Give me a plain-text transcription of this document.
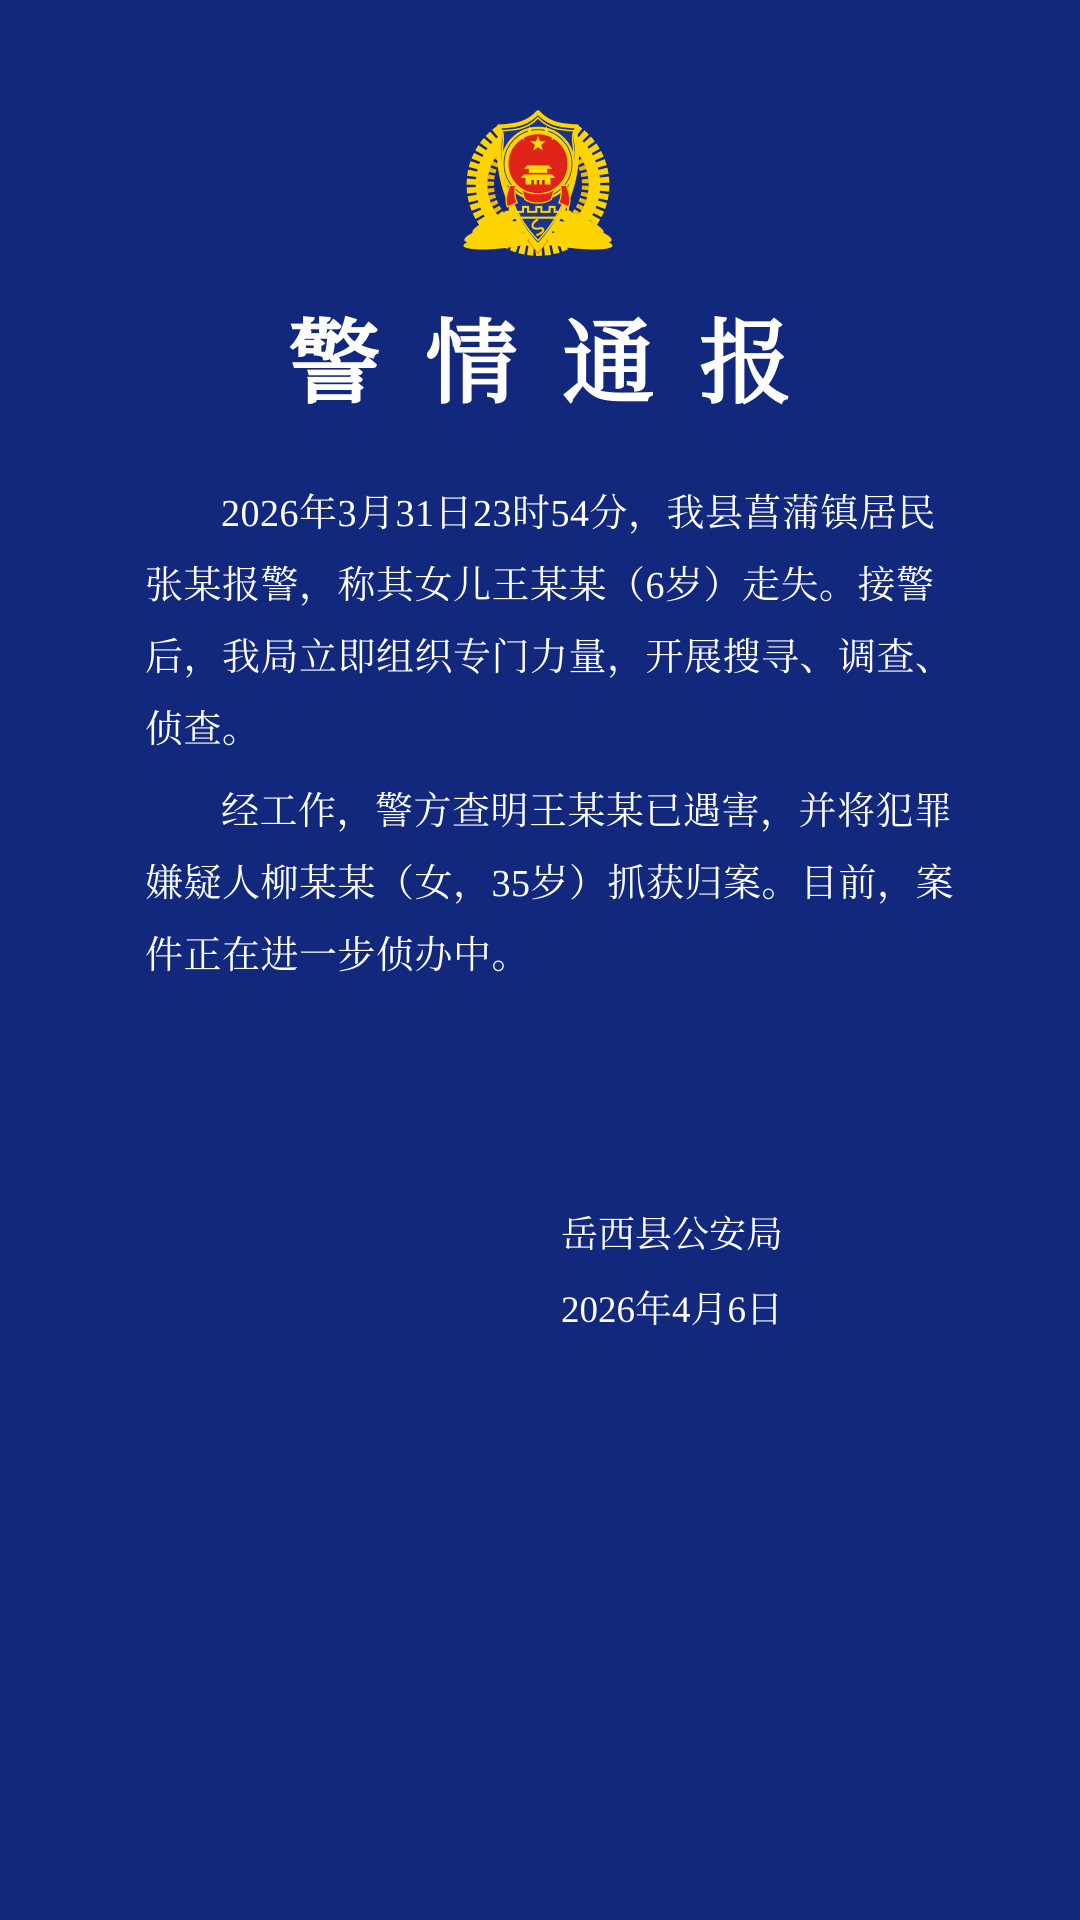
警 情 通 报
2026年3月31日23时54分，我县菖蒲镇居民
张某报警，称其女儿王某某（6岁）走失。接警
后，我局立即组织专门力量，开展搜寻、调查、
侦查。
经工作，警方查明王某某已遇害，并将犯罪
嫌疑人柳某某（女，35岁）抓获归案。目前，案
件正在进一步侦办中。
岳西县公安局
2026年4月6日
